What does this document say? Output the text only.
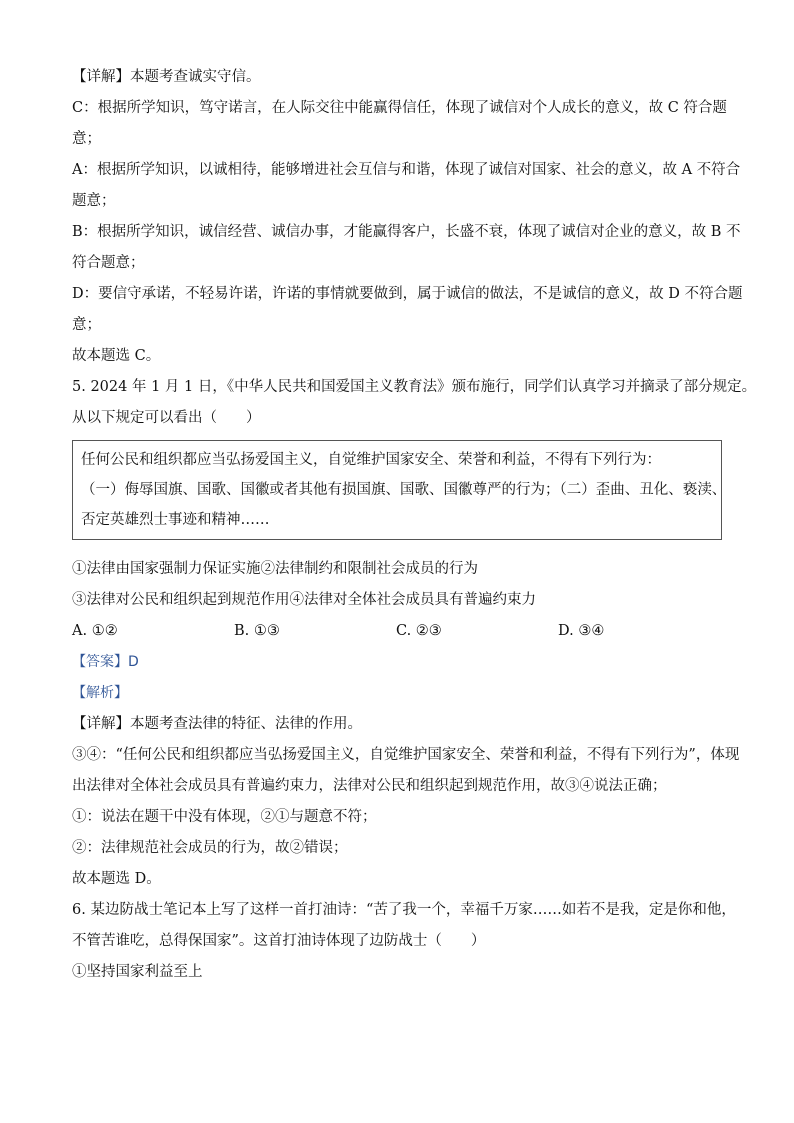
【详解】本题考查诚实守信。
C：根据所学知识，笃守诺言，在人际交往中能赢得信任，体现了诚信对个人成长的意义，故 C 符合题
意；
A：根据所学知识，以诚相待，能够增进社会互信与和谐，体现了诚信对国家、社会的意义，故 A 不符合
题意；
B：根据所学知识，诚信经营、诚信办事，才能赢得客户，长盛不衰，体现了诚信对企业的意义，故 B 不
符合题意；
D：要信守承诺，不轻易许诺，许诺的事情就要做到，属于诚信的做法，不是诚信的意义，故 D 不符合题
意；
故本题选 C。
5. 2024 年 1 月 1 日，《中华人民共和国爱国主义教育法》颁布施行，同学们认真学习并摘录了部分规定。
从以下规定可以看出（　　）
任何公民和组织都应当弘扬爱国主义，自觉维护国家安全、荣誉和利益，不得有下列行为：
（一）侮辱国旗、国歌、国徽或者其他有损国旗、国歌、国徽尊严的行为；（二）歪曲、丑化、亵渎、
否定英雄烈士事迹和精神……
①法律由国家强制力保证实施②法律制约和限制社会成员的行为
③法律对公民和组织起到规范作用④法律对全体社会成员具有普遍约束力
A. ①②	B. ①③	C. ②③	D. ③④
【答案】D
【解析】
【详解】本题考查法律的特征、法律的作用。
③④：“任何公民和组织都应当弘扬爱国主义，自觉维护国家安全、荣誉和利益，不得有下列行为”，体现
出法律对全体社会成员具有普遍约束力，法律对公民和组织起到规范作用，故③④说法正确；
①：说法在题干中没有体现，②①与题意不符；
②：法律规范社会成员的行为，故②错误；
故本题选 D。
6. 某边防战士笔记本上写了这样一首打油诗：“苦了我一个，幸福千万家……如若不是我，定是你和他，
不管苦谁吃，总得保国家”。这首打油诗体现了边防战士（　　）
①坚持国家利益至上
